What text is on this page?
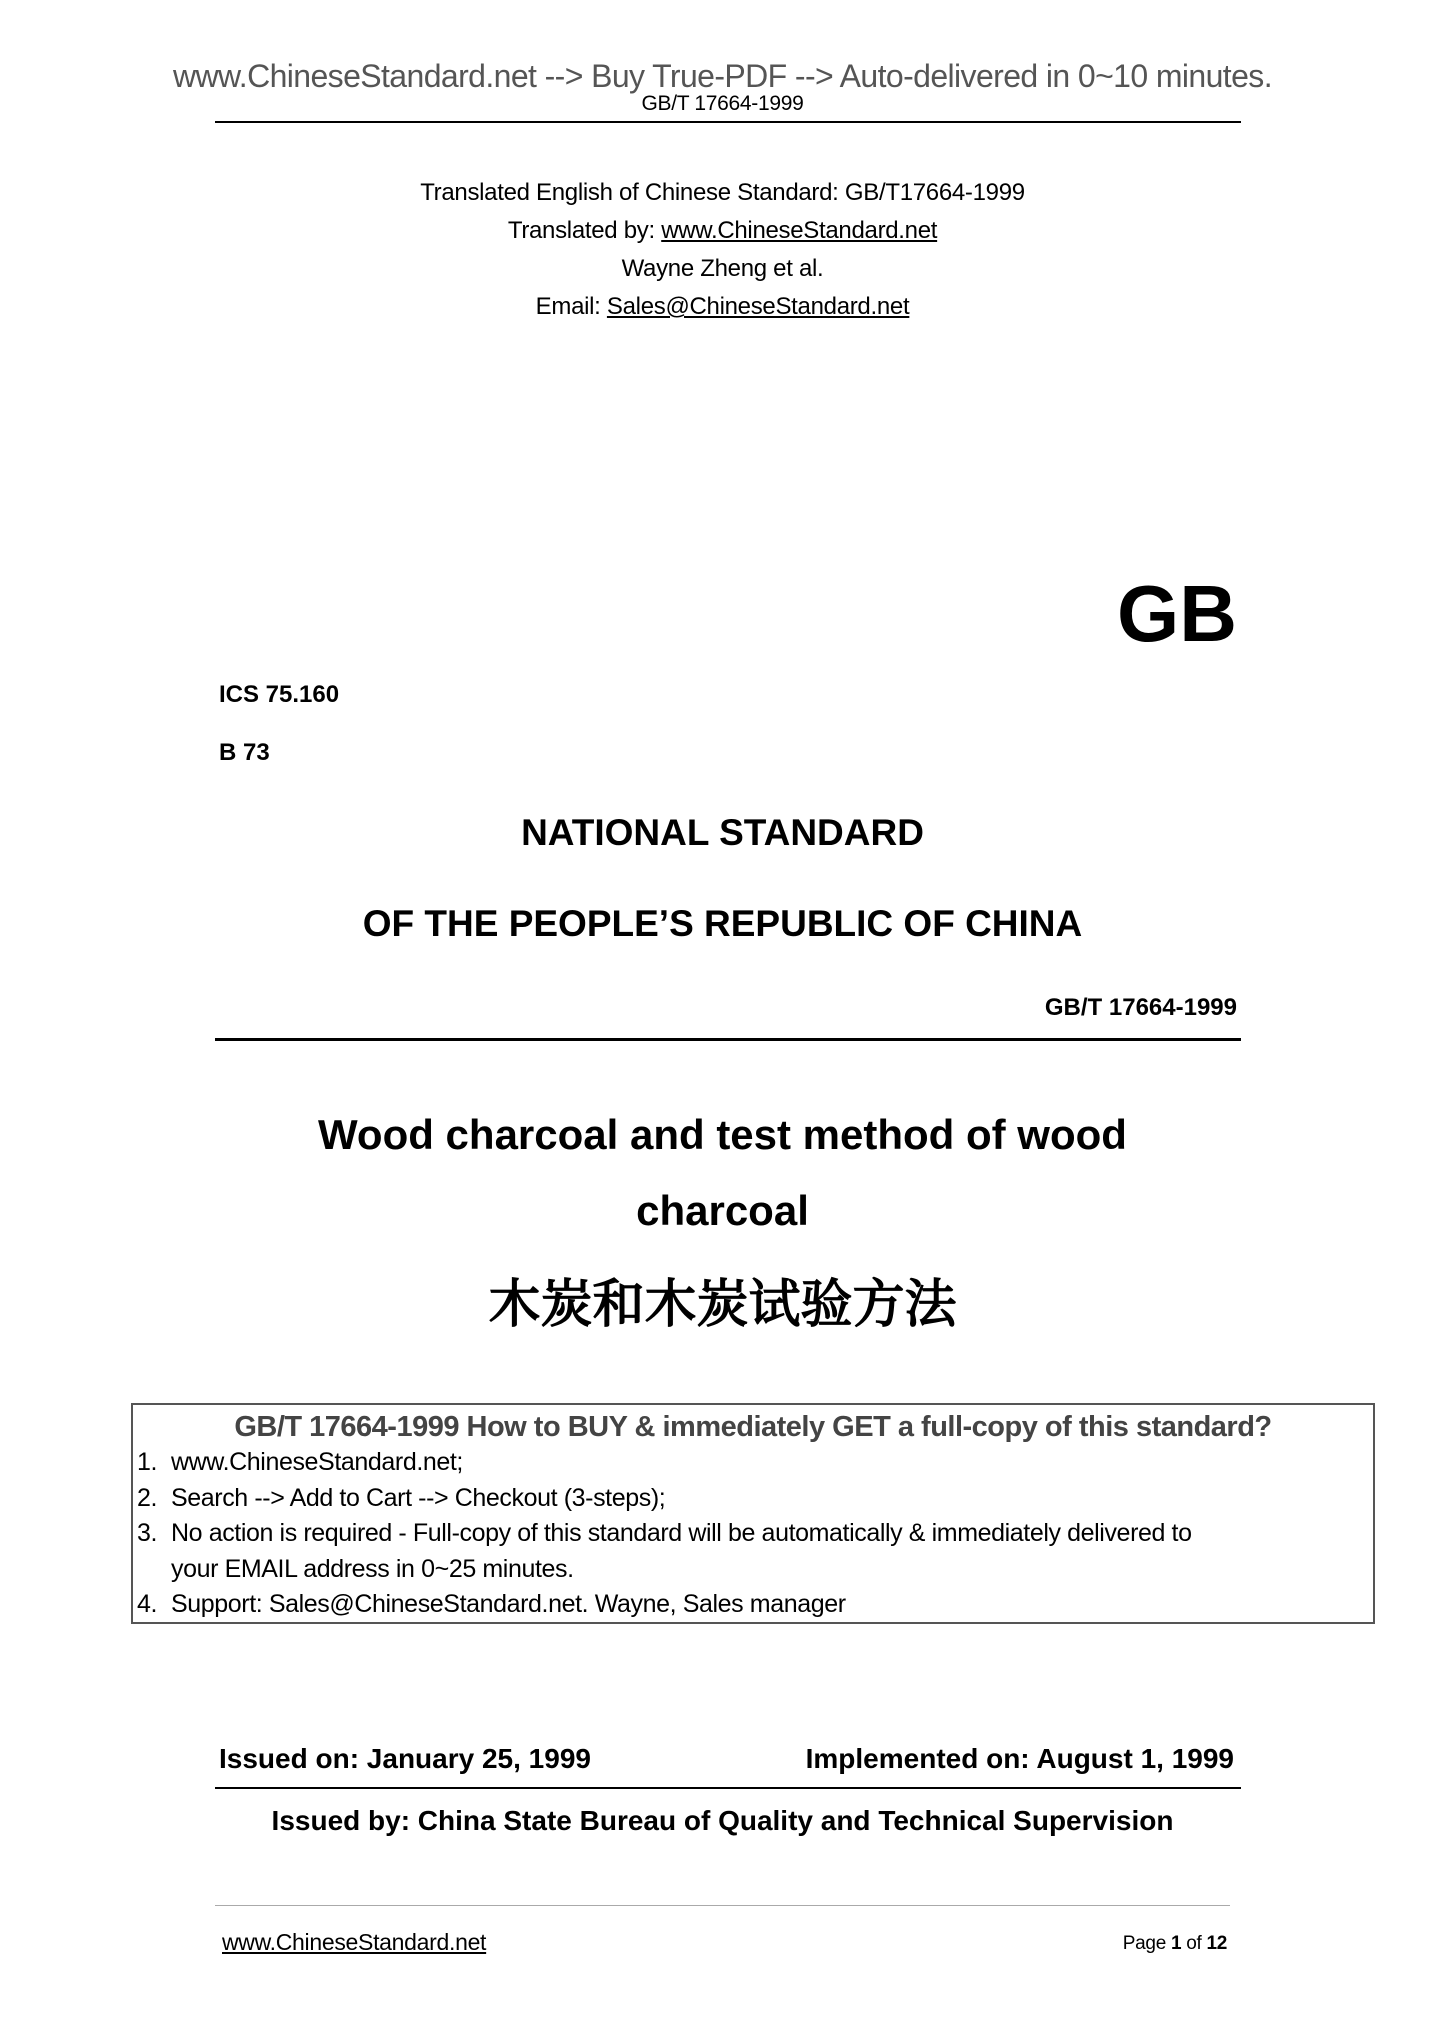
www.ChineseStandard.net --> Buy True-PDF --> Auto-delivered in 0~10 minutes.
GB/T 17664-1999
Translated English of Chinese Standard: GB/T17664-1999
Translated by: www.ChineseStandard.net
Wayne Zheng et al.
Email: Sales@ChineseStandard.net
GB
ICS 75.160
B 73
NATIONAL STANDARD
OF THE PEOPLE’S REPUBLIC OF CHINA
GB/T 17664-1999
Wood charcoal and test method of wood
charcoal
木炭和木炭试验方法
GB/T 17664-1999 How to BUY & immediately GET a full-copy of this standard?
1. www.ChineseStandard.net;
2. Search --> Add to Cart --> Checkout (3-steps);
3. No action is required - Full-copy of this standard will be automatically & immediately delivered to
your EMAIL address in 0~25 minutes.
4. Support: Sales@ChineseStandard.net. Wayne, Sales manager
Issued on: January 25, 1999	Implemented on: August 1, 1999
Issued by: China State Bureau of Quality and Technical Supervision
www.ChineseStandard.net	Page 1 of 12
